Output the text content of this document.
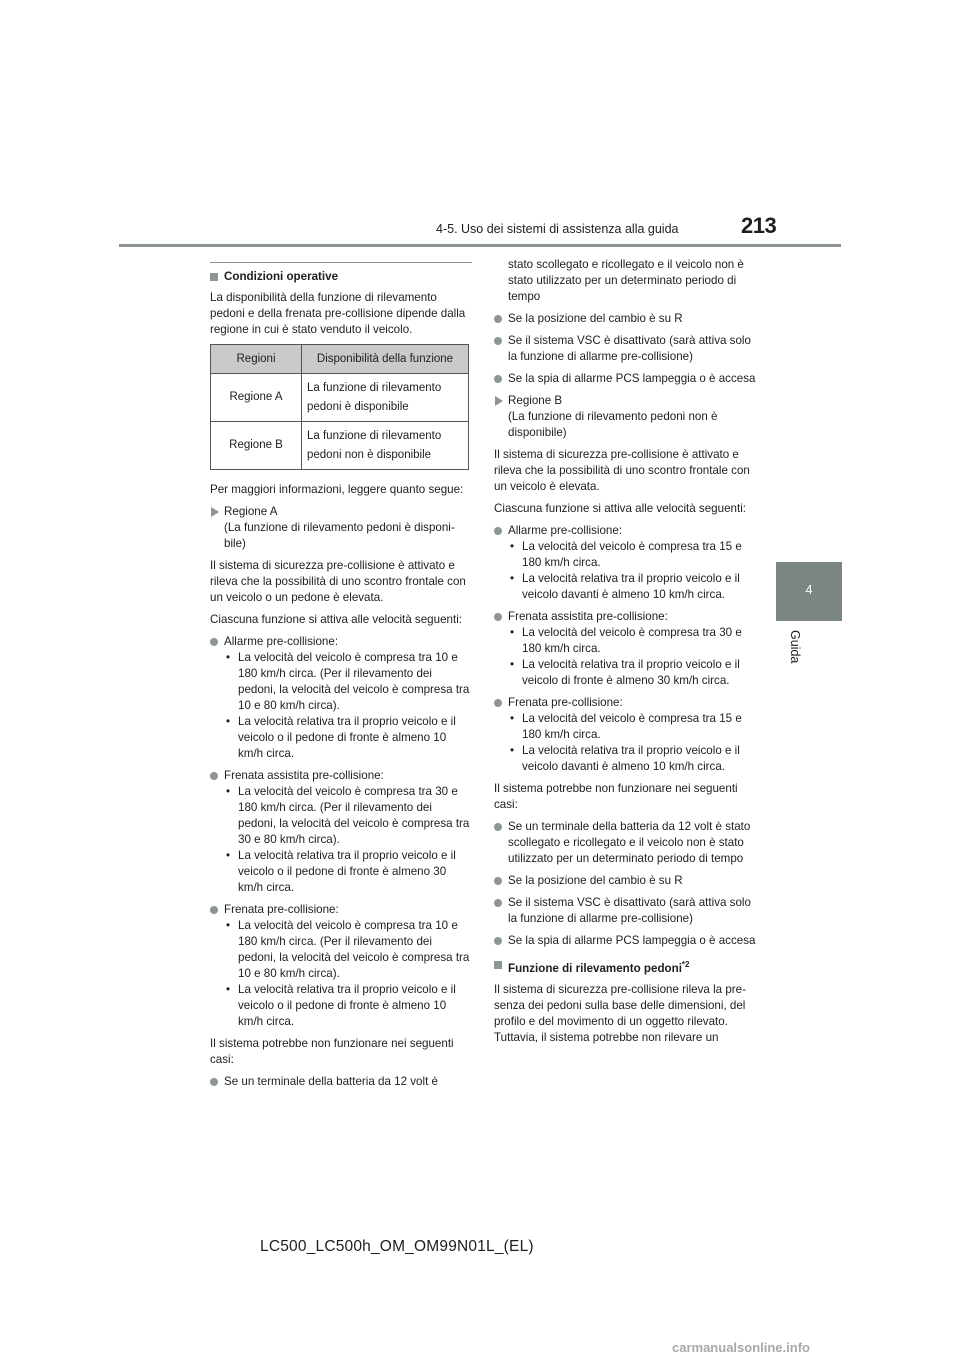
4-5. Uso dei sistemi di assistenza alla guida	213
4
Guida
Condizioni operative

La disponibilità della funzione di rilevamento pedoni e della frenata pre-collisione dipende dalla regione in cui è stato venduto il veicolo.

Regioni	Disponibilità della funzione
Regione A	La funzione di rilevamento pedoni è disponibile
Regione B	La funzione di rilevamento pedoni non è disponibile

Per maggiori informazioni, leggere quanto segue:

Regione A
(La funzione di rilevamento pedoni è disponi-bile)

Il sistema di sicurezza pre-collisione è attivato e rileva che la possibilità di uno scontro frontale con un veicolo o un pedone è elevata.

Ciascuna funzione si attiva alle velocità seguenti:

Allarme pre-collisione:
• La velocità del veicolo è compresa tra 10 e 180 km/h circa. (Per il rilevamento dei pedoni, la velocità del veicolo è compresa tra 10 e 80 km/h circa).
• La velocità relativa tra il proprio veicolo e il veicolo o il pedone di fronte è almeno 10 km/h circa.
Frenata assistita pre-collisione:
• La velocità del veicolo è compresa tra 30 e 180 km/h circa. (Per il rilevamento dei pedoni, la velocità del veicolo è compresa tra 30 e 80 km/h circa).
• La velocità relativa tra il proprio veicolo e il veicolo o il pedone di fronte è almeno 30 km/h circa.
Frenata pre-collisione:
• La velocità del veicolo è compresa tra 10 e 180 km/h circa. (Per il rilevamento dei pedoni, la velocità del veicolo è compresa tra 10 e 80 km/h circa).
• La velocità relativa tra il proprio veicolo e il veicolo o il pedone di fronte è almeno 10 km/h circa.

Il sistema potrebbe non funzionare nei seguenti casi:

Se un terminale della batteria da 12 volt è

stato scollegato e ricollegato e il veicolo non è stato utilizzato per un determinato periodo di tempo

Se la posizione del cambio è su R
Se il sistema VSC è disattivato (sarà attiva solo la funzione di allarme pre-collisione)
Se la spia di allarme PCS lampeggia o è accesa
Regione B
(La funzione di rilevamento pedoni non è disponibile)

Il sistema di sicurezza pre-collisione è attivato e rileva che la possibilità di uno scontro frontale con un veicolo è elevata.

Ciascuna funzione si attiva alle velocità seguenti:

Allarme pre-collisione:
• La velocità del veicolo è compresa tra 15 e 180 km/h circa.
• La velocità relativa tra il proprio veicolo e il veicolo davanti è almeno 10 km/h circa.
Frenata assistita pre-collisione:
• La velocità del veicolo è compresa tra 30 e 180 km/h circa.
• La velocità relativa tra il proprio veicolo e il veicolo di fronte è almeno 30 km/h circa.
Frenata pre-collisione:
• La velocità del veicolo è compresa tra 15 e 180 km/h circa.
• La velocità relativa tra il proprio veicolo e il veicolo davanti è almeno 10 km/h circa.

Il sistema potrebbe non funzionare nei seguenti casi:

Se un terminale della batteria da 12 volt è stato scollegato e ricollegato e il veicolo non è stato utilizzato per un determinato periodo di tempo
Se la posizione del cambio è su R
Se il sistema VSC è disattivato (sarà attiva solo la funzione di allarme pre-collisione)
Se la spia di allarme PCS lampeggia o è accesa
Funzione di rilevamento pedoni$^{*2}$

Il sistema di sicurezza pre-collisione rileva la pre-senza dei pedoni sulla base delle dimensioni, del profilo e del movimento di un oggetto rilevato. Tuttavia, il sistema potrebbe non rilevare un

LC500_LC500h_OM_OM99N01L_(EL)
carmanualsonline.info
